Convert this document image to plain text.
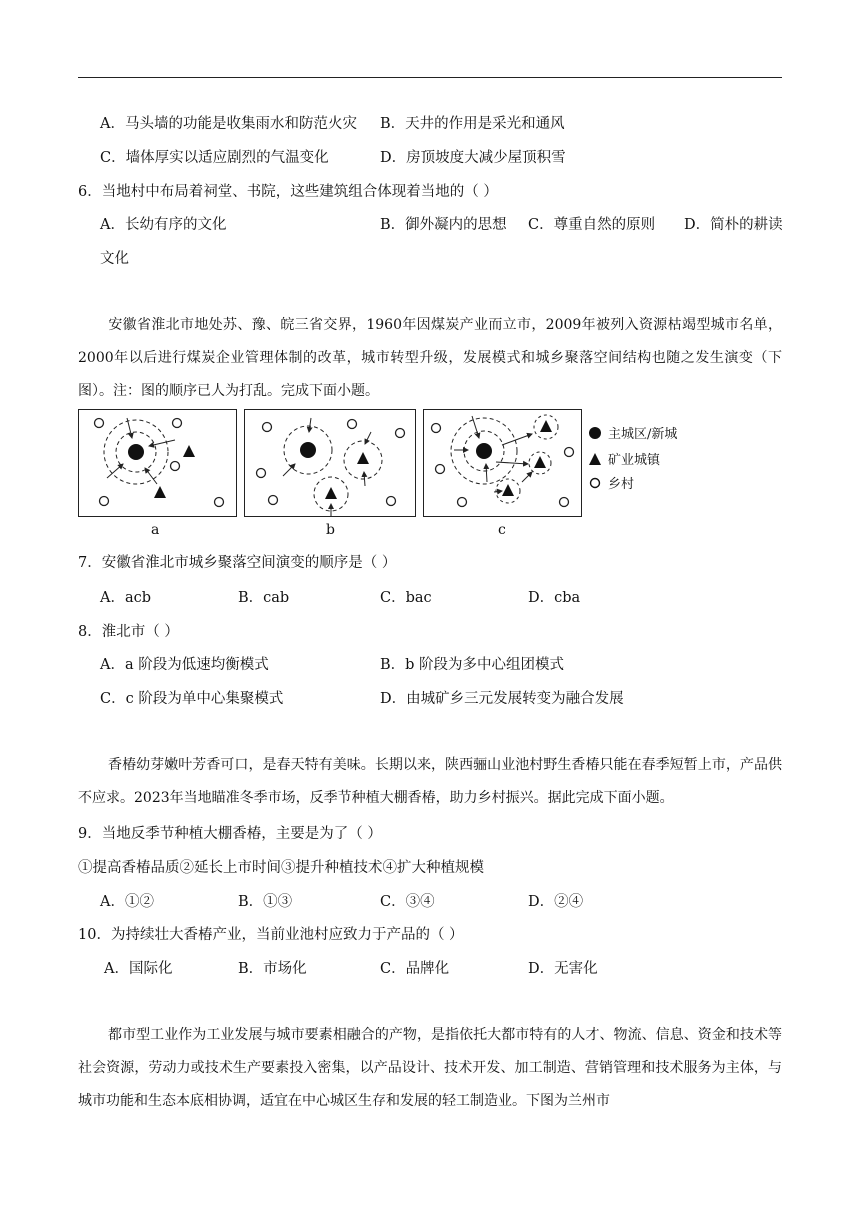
A．马头墙的功能是收集雨水和防范火灾 B．天井的作用是采光和通风
C．墙体厚实以适应剧烈的气温变化	D．房顶坡度大减少屋顶积雪
6．当地村中布局着祠堂、书院，这些建筑组合体现着当地的（ ）
A．长幼有序的文化	B．御外凝内的思想 C．尊重自然的原则 D．简朴的耕读
文化
安徽省淮北市地处苏、豫、皖三省交界，1960年因煤炭产业而立市，2009年被列入资源枯竭型城市名单，2000年以后进行煤炭企业管理体制的改革，城市转型升级，发展模式和城乡聚落空间结构也随之发生演变（下图）。注：图的顺序已人为打乱。完成下面小题。
a	b	c
主城区/新城
矿业城镇
乡村
7．安徽省淮北市城乡聚落空间演变的顺序是（ ）
A．acb	B．cab	C．bac	D．cba
8．淮北市（ ）
A．a 阶段为低速均衡模式	B．b 阶段为多中心组团模式
C．c 阶段为单中心集聚模式	D．由城矿乡三元发展转变为融合发展
香椿幼芽嫩叶芳香可口，是春天特有美味。长期以来，陕西骊山业池村野生香椿只能在春季短暂上市，产品供不应求。2023年当地瞄准冬季市场，反季节种植大棚香椿，助力乡村振兴。据此完成下面小题。
9．当地反季节种植大棚香椿，主要是为了（ ）
①提高香椿品质②延长上市时间③提升种植技术④扩大种植规模
A．①②	B．①③	C．③④	D．②④
10．为持续壮大香椿产业，当前业池村应致力于产品的（ ）
A．国际化	B．市场化	C．品牌化	D．无害化
都市型工业作为工业发展与城市要素相融合的产物，是指依托大都市特有的人才、物流、信息、资金和技术等社会资源，劳动力或技术生产要素投入密集，以产品设计、技术开发、加工制造、营销管理和技术服务为主体，与城市功能和生态本底相协调，适宜在中心城区生存和发展的轻工制造业。下图为兰州市
